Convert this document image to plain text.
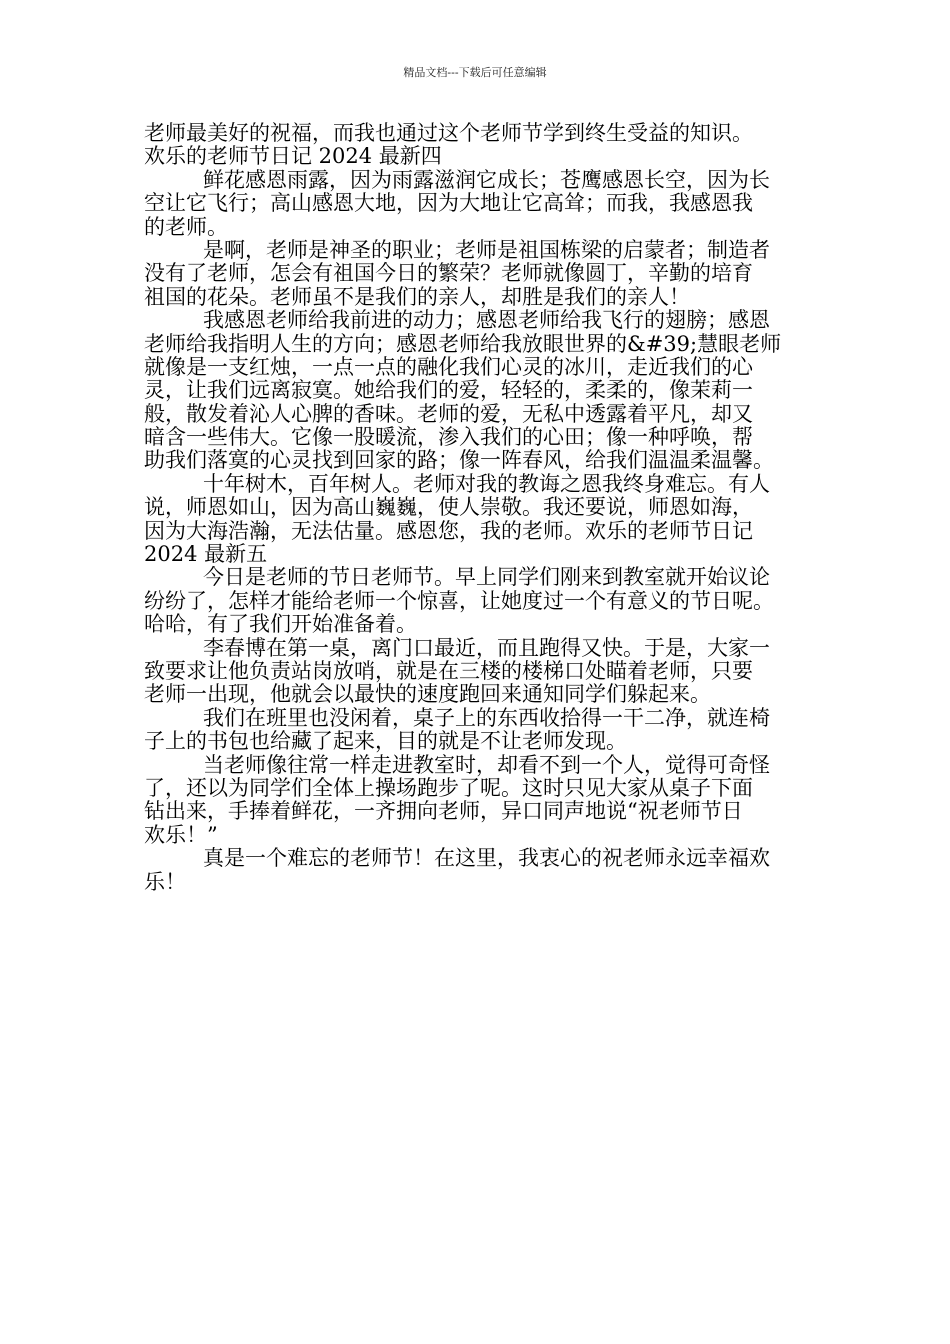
精品文档---下载后可任意编辑
老师最美好的祝福，而我也通过这个老师节学到终生受益的知识。
欢乐的老师节日记 2024 最新四
鲜花感恩雨露，因为雨露滋润它成长；苍鹰感恩长空，因为长
空让它飞行；高山感恩大地，因为大地让它高耸；而我，我感恩我
的老师。
是啊，老师是神圣的职业；老师是祖国栋梁的启蒙者；制造者
没有了老师，怎会有祖国今日的繁荣？老师就像圆丁，辛勤的培育
祖国的花朵。老师虽不是我们的亲人，却胜是我们的亲人！
我感恩老师给我前进的动力；感恩老师给我飞行的翅膀；感恩
老师给我指明人生的方向；感恩老师给我放眼世界的&#39;慧眼老师
就像是一支红烛，一点一点的融化我们心灵的冰川，走近我们的心
灵，让我们远离寂寞。她给我们的爱，轻轻的，柔柔的，像茉莉一
般，散发着沁人心脾的香味。老师的爱，无私中透露着平凡，却又
暗含一些伟大。它像一股暖流，渗入我们的心田；像一种呼唤，帮
助我们落寞的心灵找到回家的路；像一阵春风，给我们温温柔温馨。
十年树木，百年树人。老师对我的教诲之恩我终身难忘。有人
说，师恩如山，因为高山巍巍，使人崇敬。我还要说，师恩如海，
因为大海浩瀚，无法估量。感恩您，我的老师。欢乐的老师节日记
2024 最新五
今日是老师的节日老师节。早上同学们刚来到教室就开始议论
纷纷了，怎样才能给老师一个惊喜，让她度过一个有意义的节日呢。
哈哈，有了我们开始准备着。
李春博在第一桌，离门口最近，而且跑得又快。于是，大家一
致要求让他负责站岗放哨，就是在三楼的楼梯口处瞄着老师，只要
老师一出现，他就会以最快的速度跑回来通知同学们躲起来。
我们在班里也没闲着，桌子上的东西收拾得一干二净，就连椅
子上的书包也给藏了起来，目的就是不让老师发现。
当老师像往常一样走进教室时，却看不到一个人，觉得可奇怪
了，还以为同学们全体上操场跑步了呢。这时只见大家从桌子下面
钻出来，手捧着鲜花，一齐拥向老师，异口同声地说“祝老师节日
欢乐！”
真是一个难忘的老师节！在这里，我衷心的祝老师永远幸福欢
乐！
